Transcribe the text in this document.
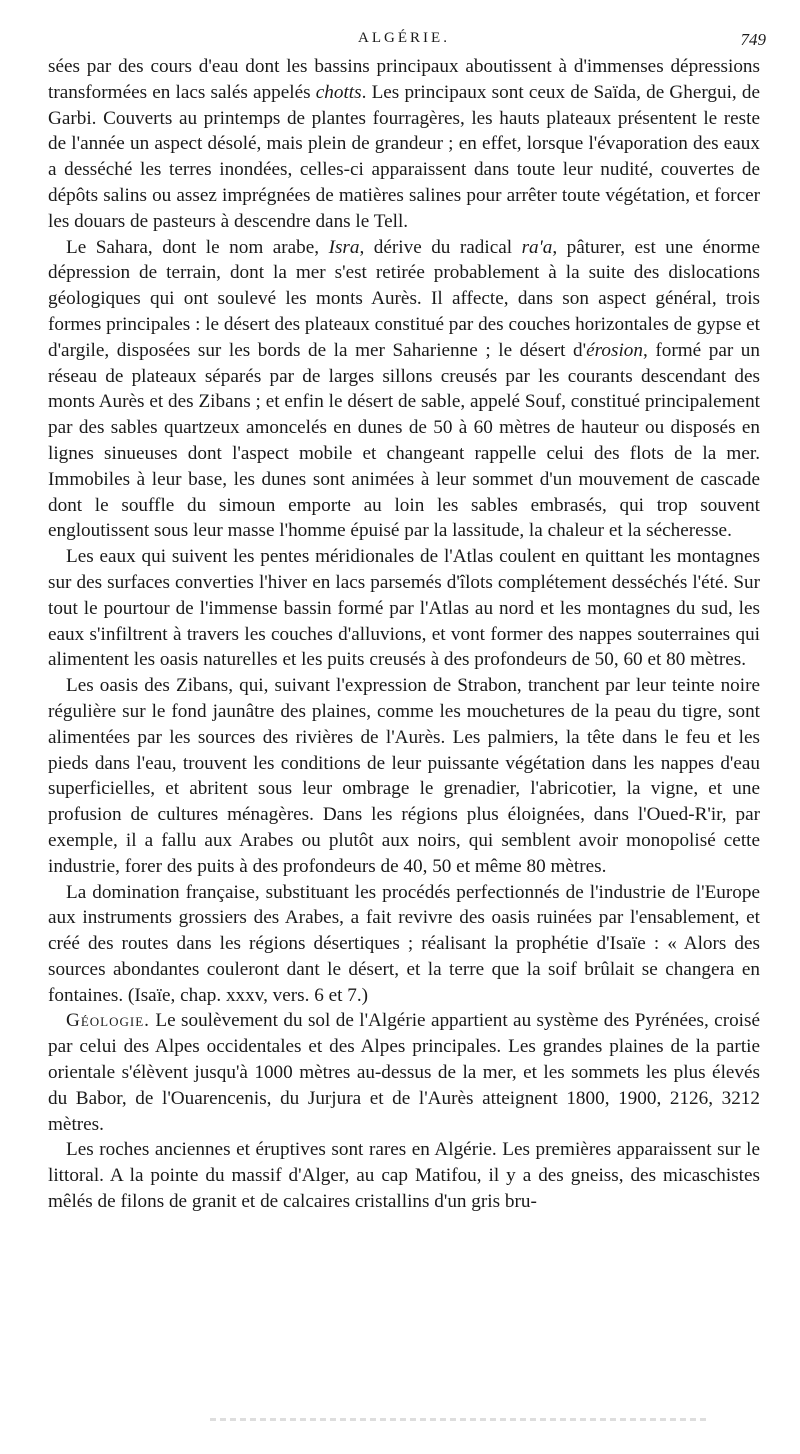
ALGÉRIE.	749

sées par des cours d'eau dont les bassins principaux aboutissent à d'immenses dépressions transformées en lacs salés appelés chotts. Les principaux sont ceux de Saïda, de Ghergui, de Garbi. Couverts au printemps de plantes fourragères, les hauts plateaux présentent le reste de l'année un aspect désolé, mais plein de grandeur ; en effet, lorsque l'évaporation des eaux a desséché les terres inondées, celles-ci apparaissent dans toute leur nudité, couvertes de dépôts salins ou assez imprégnées de matières salines pour arrêter toute végétation, et forcer les douars de pasteurs à descendre dans le Tell.

Le Sahara, dont le nom arabe, Isra, dérive du radical ra'a, pâturer, est une énorme dépression de terrain, dont la mer s'est retirée probablement à la suite des dislocations géologiques qui ont soulevé les monts Aurès. Il affecte, dans son aspect général, trois formes principales : le désert des plateaux constitué par des couches horizontales de gypse et d'argile, disposées sur les bords de la mer Saharienne ; le désert d'érosion, formé par un réseau de plateaux séparés par de larges sillons creusés par les courants descendant des monts Aurès et des Zibans ; et enfin le désert de sable, appelé Souf, constitué principalement par des sables quartzeux amoncelés en dunes de 50 à 60 mètres de hauteur ou disposés en lignes sinueuses dont l'aspect mobile et changeant rappelle celui des flots de la mer. Immobiles à leur base, les dunes sont animées à leur sommet d'un mouvement de cascade dont le souffle du simoun emporte au loin les sables embrasés, qui trop souvent engloutissent sous leur masse l'homme épuisé par la lassitude, la chaleur et la sécheresse.

Les eaux qui suivent les pentes méridionales de l'Atlas coulent en quittant les montagnes sur des surfaces converties l'hiver en lacs parsemés d'îlots complétement desséchés l'été. Sur tout le pourtour de l'immense bassin formé par l'Atlas au nord et les montagnes du sud, les eaux s'infiltrent à travers les couches d'alluvions, et vont former des nappes souterraines qui alimentent les oasis naturelles et les puits creusés à des profondeurs de 50, 60 et 80 mètres.

Les oasis des Zibans, qui, suivant l'expression de Strabon, tranchent par leur teinte noire régulière sur le fond jaunâtre des plaines, comme les mouchetures de la peau du tigre, sont alimentées par les sources des rivières de l'Aurès. Les palmiers, la tête dans le feu et les pieds dans l'eau, trouvent les conditions de leur puissante végétation dans les nappes d'eau superficielles, et abritent sous leur ombrage le grenadier, l'abricotier, la vigne, et une profusion de cultures ménagères. Dans les régions plus éloignées, dans l'Oued-R'ir, par exemple, il a fallu aux Arabes ou plutôt aux noirs, qui semblent avoir monopolisé cette industrie, forer des puits à des profondeurs de 40, 50 et même 80 mètres.

La domination française, substituant les procédés perfectionnés de l'industrie de l'Europe aux instruments grossiers des Arabes, a fait revivre des oasis ruinées par l'ensablement, et créé des routes dans les régions désertiques ; réalisant la prophétie d'Isaïe : « Alors des sources abondantes couleront dant le désert, et la terre que la soif brûlait se changera en fontaines. (Isaïe, chap. xxxv, vers. 6 et 7.)

Géologie. Le soulèvement du sol de l'Algérie appartient au système des Pyrénées, croisé par celui des Alpes occidentales et des Alpes principales. Les grandes plaines de la partie orientale s'élèvent jusqu'à 1000 mètres au-dessus de la mer, et les sommets les plus élevés du Babor, de l'Ouarencenis, du Jurjura et de l'Aurès atteignent 1800, 1900, 2126, 3212 mètres.

Les roches anciennes et éruptives sont rares en Algérie. Les premières apparaissent sur le littoral. A la pointe du massif d'Alger, au cap Matifou, il y a des gneiss, des micaschistes mêlés de filons de granit et de calcaires cristallins d'un gris bru-
